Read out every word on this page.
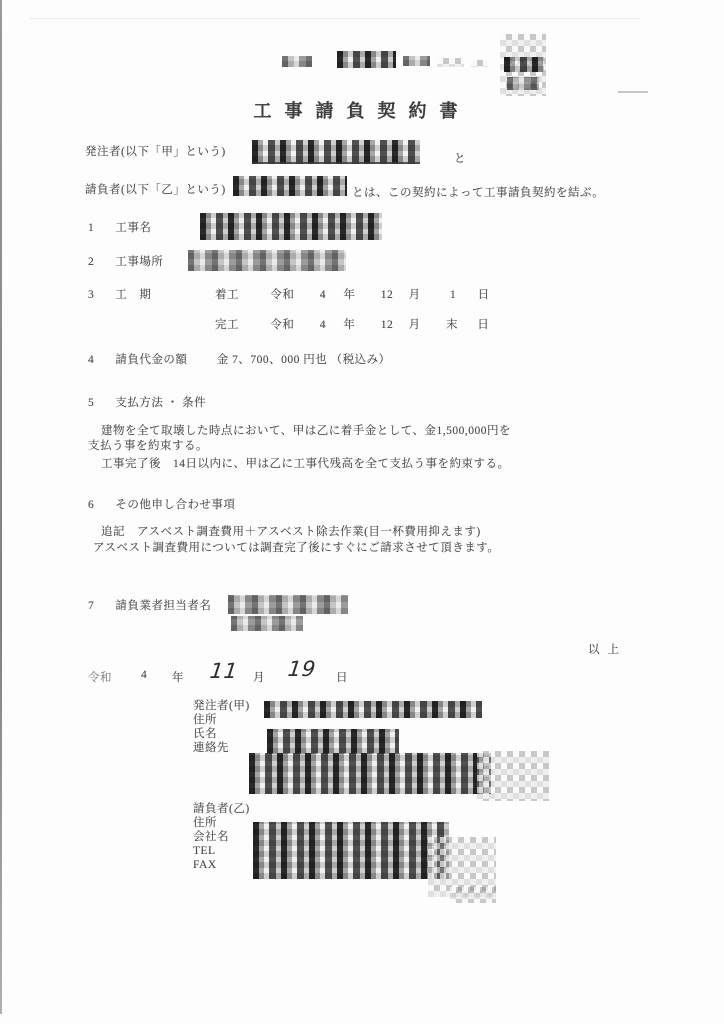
工事請負契約書
発注者(以下「甲」という)
と
請負者(以下「乙」という)	とは、この契約によって工事請負契約を結ぶ。
1 工事名
2 工事場所
3 工　期	着工	令和 4 年 12 月	1 日
完工	令和 4 年 12 月 末 日
4 請負代金の額	金 7、700、000 円也 （税込み）
5 支払方法 ・ 条件
建物を全て取壊した時点において、甲は乙に着手金として、金1,500,000円を
支払う事を約束する。
工事完了後　14日以内に、甲は乙に工事代残高を全て支払う事を約束する。
6 その他申し合わせ事項
追記　アスベスト調査費用＋アスベスト除去作業(目一杯費用抑えます)
アスベスト調査費用については調査完了後にすぐにご請求させて頂きます。
7 請負業者担当者名
以上
令和	4 年 11 月 19 日
発注者(甲)
住所
氏名
連絡先
請負者(乙)
住所
会社名
TEL
FAX
